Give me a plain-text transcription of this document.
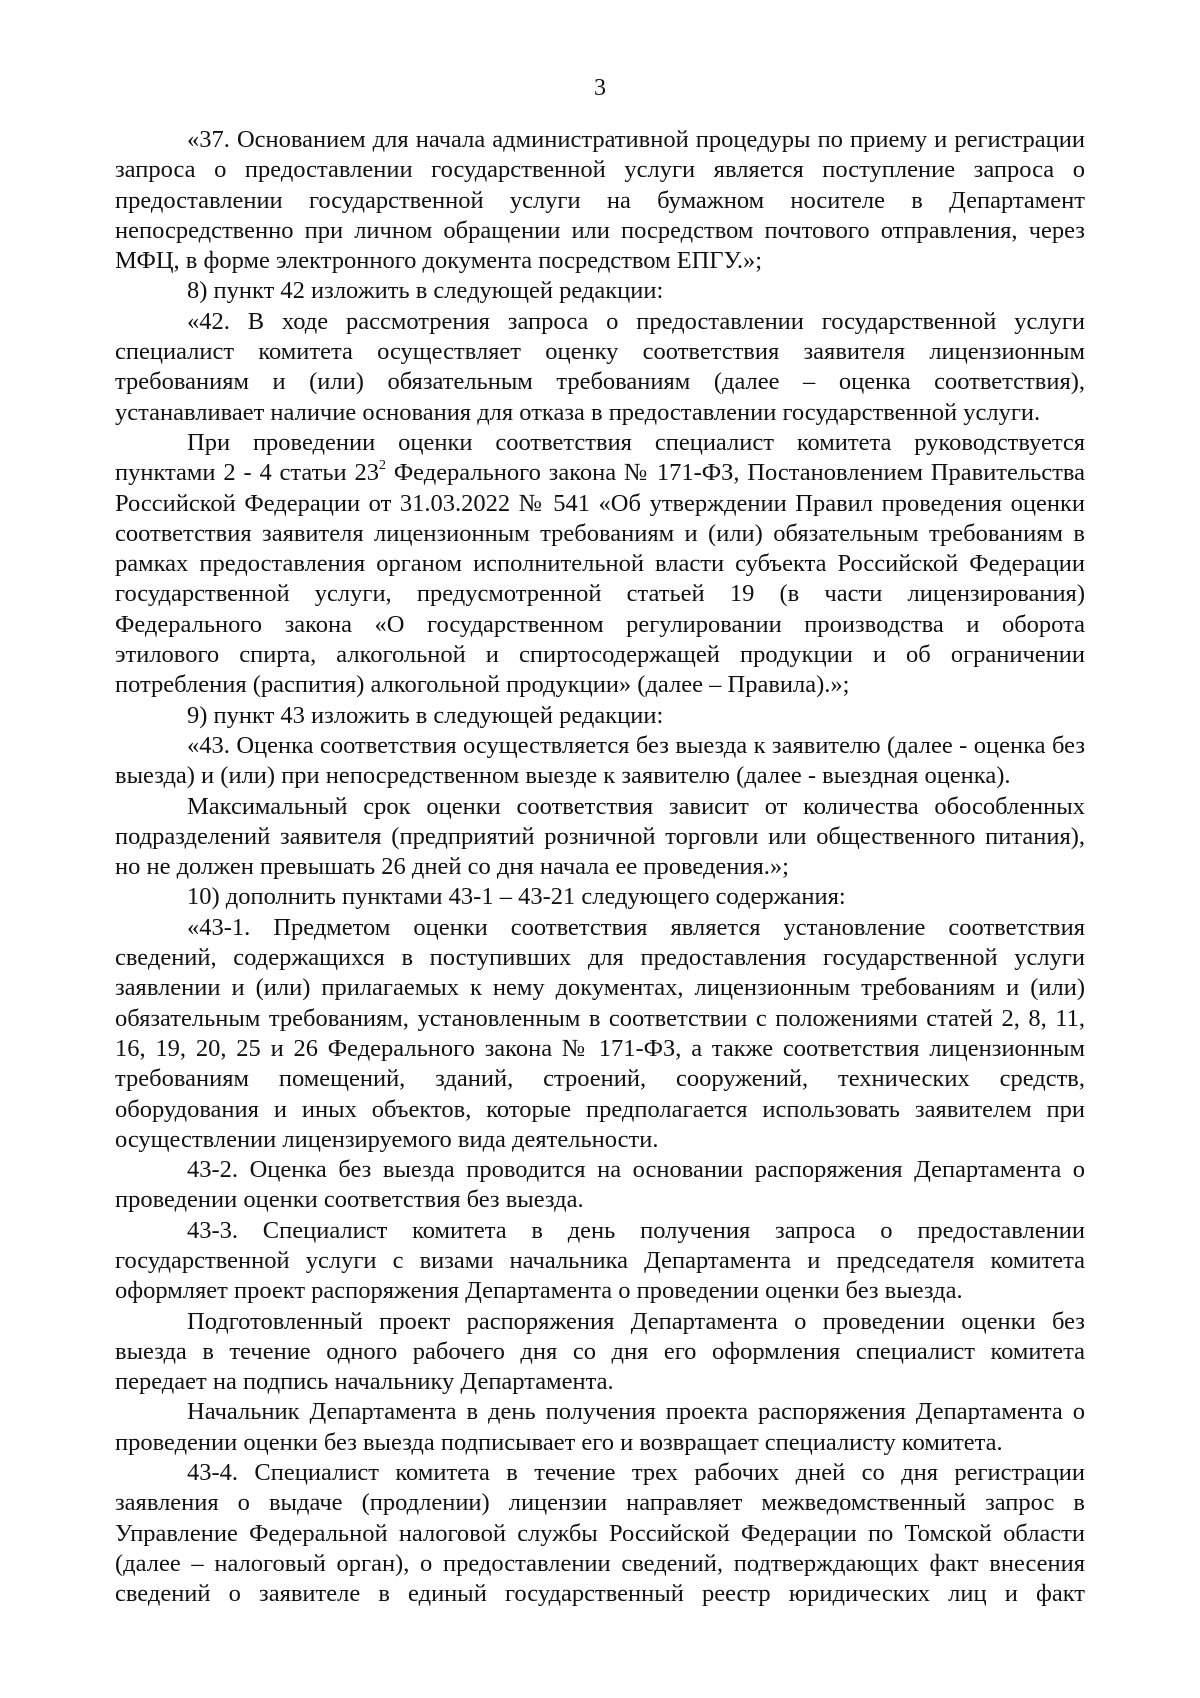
3
«37. Основанием для начала административной процедуры по приему и регистрации
запроса о предоставлении государственной услуги является поступление запроса о
предоставлении государственной услуги на бумажном носителе в Департамент
непосредственно при личном обращении или посредством почтового отправления, через
МФЦ, в форме электронного документа посредством ЕПГУ.»;
8) пункт 42 изложить в следующей редакции:
«42. В ходе рассмотрения запроса о предоставлении государственной услуги
специалист комитета осуществляет оценку соответствия заявителя лицензионным
требованиям и (или) обязательным требованиям (далее – оценка соответствия),
устанавливает наличие основания для отказа в предоставлении государственной услуги.
При проведении оценки соответствия специалист комитета руководствуется
пунктами 2 - 4 статьи $23^2$ Федерального закона № 171-ФЗ, Постановлением Правительства
Российской Федерации от 31.03.2022 № 541 «Об утверждении Правил проведения оценки
соответствия заявителя лицензионным требованиям и (или) обязательным требованиям в
рамках предоставления органом исполнительной власти субъекта Российской Федерации
государственной услуги, предусмотренной статьей 19 (в части лицензирования)
Федерального закона «О государственном регулировании производства и оборота
этилового спирта, алкогольной и спиртосодержащей продукции и об ограничении
потребления (распития) алкогольной продукции» (далее – Правила).»;
9) пункт 43 изложить в следующей редакции:
«43. Оценка соответствия осуществляется без выезда к заявителю (далее - оценка без
выезда) и (или) при непосредственном выезде к заявителю (далее - выездная оценка).
Максимальный срок оценки соответствия зависит от количества обособленных
подразделений заявителя (предприятий розничной торговли или общественного питания),
но не должен превышать 26 дней со дня начала ее проведения.»;
10) дополнить пунктами 43-1 – 43-21 следующего содержания:
«43-1. Предметом оценки соответствия является установление соответствия
сведений, содержащихся в поступивших для предоставления государственной услуги
заявлении и (или) прилагаемых к нему документах, лицензионным требованиям и (или)
обязательным требованиям, установленным в соответствии с положениями статей 2, 8, 11,
16, 19, 20, 25 и 26 Федерального закона № 171-ФЗ, а также соответствия лицензионным
требованиям помещений, зданий, строений, сооружений, технических средств,
оборудования и иных объектов, которые предполагается использовать заявителем при
осуществлении лицензируемого вида деятельности.
43-2. Оценка без выезда проводится на основании распоряжения Департамента о
проведении оценки соответствия без выезда.
43-3. Специалист комитета в день получения запроса о предоставлении
государственной услуги с визами начальника Департамента и председателя комитета
оформляет проект распоряжения Департамента о проведении оценки без выезда.
Подготовленный проект распоряжения Департамента о проведении оценки без
выезда в течение одного рабочего дня со дня его оформления специалист комитета
передает на подпись начальнику Департамента.
Начальник Департамента в день получения проекта распоряжения Департамента о
проведении оценки без выезда подписывает его и возвращает специалисту комитета.
43-4. Специалист комитета в течение трех рабочих дней со дня регистрации
заявления о выдаче (продлении) лицензии направляет межведомственный запрос в
Управление Федеральной налоговой службы Российской Федерации по Томской области
(далее – налоговый орган), о предоставлении сведений, подтверждающих факт внесения
сведений о заявителе в единый государственный реестр юридических лиц и факт
